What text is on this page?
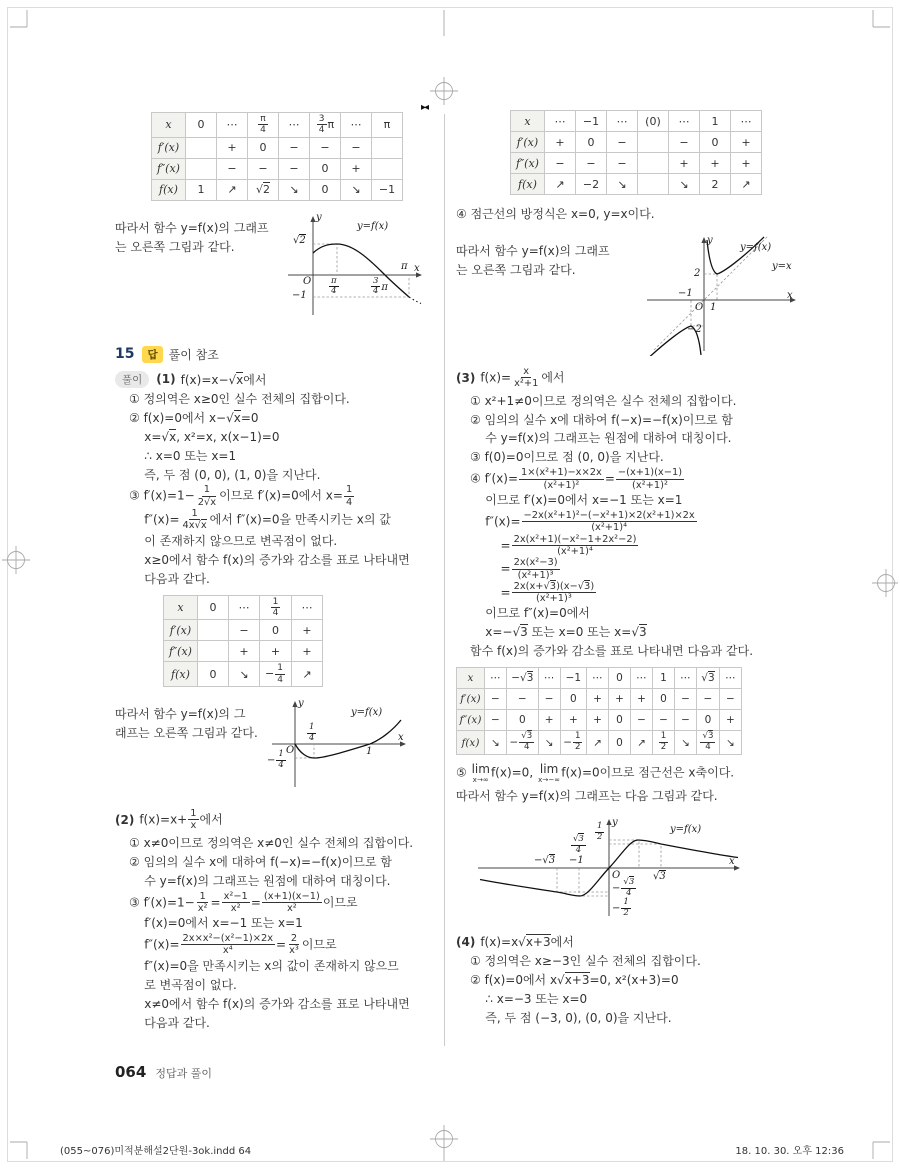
▸◂
x	0	⋯	$\frac{\pi}{4}$	⋯	$\frac{3}{4}$ π	⋯	π
f′(x)		+	0	−	−	−	
f″(x)		−	−	−	0	+	
f(x)	1	↗	√2	↘	0	↘	−1
따라서 함수 y=f(x)의 그래프
는 오른쪽 그림과 같다.
y
x
y=f(x)
√2
O $\frac{\pi}{4}$	$\frac{3}{4}$ π
π
−1
15	답 풀이 참조
풀이	(1) f(x)=x−√x에서
① 정의역은 x≥0인 실수 전체의 집합이다.
② f(x)=0에서 x−√x=0
x=√x, x²=x, x(x−1)=0
∴ x=0 또는 x=1
즉, 두 점 (0, 0), (1, 0)을 지난다.
③ $f'(x)=1- \frac{1}{2√x}$ 이므로 f′(x)=0에서 $x= \frac{1}{4}$
$f''(x)= \frac{1}{4x√x}$ 에서 f″(x)=0을 만족시키는 x의 값
이 존재하지 않으므로 변곡점이 없다.
x≥0에서 함수 f(x)의 증가와 감소를 표로 나타내면
다음과 같다.
x	0	⋯	$\frac{1}{4}$	⋯
f′(x)		−	0	+
f″(x)		+	+	+
f(x)	0	↘	− $\frac{1}{4}$	↗
따라서 함수 y=f(x)의 그
래프는 오른쪽 그림과 같다.
y
x
y=f(x)
$\frac{1}{4}$
1
− $\frac{1}{4}$ O
(2) $f(x)=x+ \frac{1}{x}$ 에서
① x≠0이므로 정의역은 x≠0인 실수 전체의 집합이다.
② 임의의 실수 x에 대하여 f(−x)=−f(x)이므로 함
수 y=f(x)의 그래프는 원점에 대하여 대칭이다.
③ $f'(x)=1- \frac{1}{\text{x²}} = \frac{\text{x²−1}}{\text{x²}} = \frac{(x+1)(x-1)}{\text{x²}}$ 이므로
f′(x)=0에서 x=−1 또는 x=1
$f''(x)= \frac{\text{2x×x²−(x²−1)×2x}}{\text{x⁴}} = \frac{2}{\text{x³}}$ 이므로
f″(x)=0을 만족시키는 x의 값이 존재하지 않으므
로 변곡점이 없다.
x≠0에서 함수 f(x)의 증가와 감소를 표로 나타내면
다음과 같다.
064 정답과 풀이
x	⋯	−1	⋯	(0)	⋯	1	⋯
f′(x)	+	0	−		−	0	+
f″(x)	−	−	−		+	+	+
f(x)	↗	−2	↘		↘	2	↗
④ 점근선의 방정식은 x=0, y=x이다.
따라서 함수 y=f(x)의 그래프
는 오른쪽 그림과 같다.
y
x
y=f(x)
y=x
2
−1
−2
O 1
(3) $f(x)= \frac{x}{\text{x²+1}}$ 에서
① x²+1≠0이므로 정의역은 실수 전체의 집합이다.
② 임의의 실수 x에 대하여 f(−x)=−f(x)이므로 함
수 y=f(x)의 그래프는 원점에 대하여 대칭이다.
③ f(0)=0이므로 점 (0, 0)을 지난다.
④ $f'(x)= \frac{\text{1×(x²+1)−x×2x}}{\text{(x²+1)²}} = \frac{-(x+1)(x-1)}{\text{(x²+1)²}}$
이므로 f′(x)=0에서 x=−1 또는 x=1
$f''(x)= \frac{\text{−2x(x²+1)²−(−x²+1)×2(x²+1)×2x}}{\text{(x²+1)⁴}}$
= $\frac{\text{2x(x²+1)(−x²−1+2x²−2)}}{\text{(x²+1)⁴}}$
= $\frac{\text{2x(x²−3)}}{\text{(x²+1)³}}$
= $\frac{2x(x+√3)(x-√3)}{\text{(x²+1)³}}$
이므로 f″(x)=0에서
x=−√3 또는 x=0 또는 x=√3
함수 f(x)의 증가와 감소를 표로 나타내면 다음과 같다.
x	⋯	−√3	⋯	−1	⋯	0	⋯	1	⋯	√3	⋯
f′(x)	−	−	−	0	+	+	+	0	−	−	−
f″(x)	−	0	+	+	+	0	−	−	−	0	+
f(x)	↘	− $\frac{√3}{4}$	↘	− $\frac{1}{2}$	↗	0	↗	$\frac{1}{2}$	↘	$\frac{√3}{4}$	↘
⑤ lim
x→∞ f(x)=0, lim
x→−∞ f(x)=0이므로 점근선은 x축이다.
따라서 함수 y=f(x)의 그래프는 다음 그림과 같다.
y
x
y=f(x)
−√3 −1
O	√3
$\frac{1}{2}$
$\frac{√3}{4}$
− $\frac{√3}{4}$
− $\frac{1}{2}$
(4) f(x)=x√x+3에서
① 정의역은 x≥−3인 실수 전체의 집합이다.
② f(x)=0에서 x√x+3=0, x²(x+3)=0
∴ x=−3 또는 x=0
즉, 두 점 (−3, 0), (0, 0)을 지난다.
(055~076)미적분해설2단원-3ok.indd 64	18. 10. 30. 오후 12:36
